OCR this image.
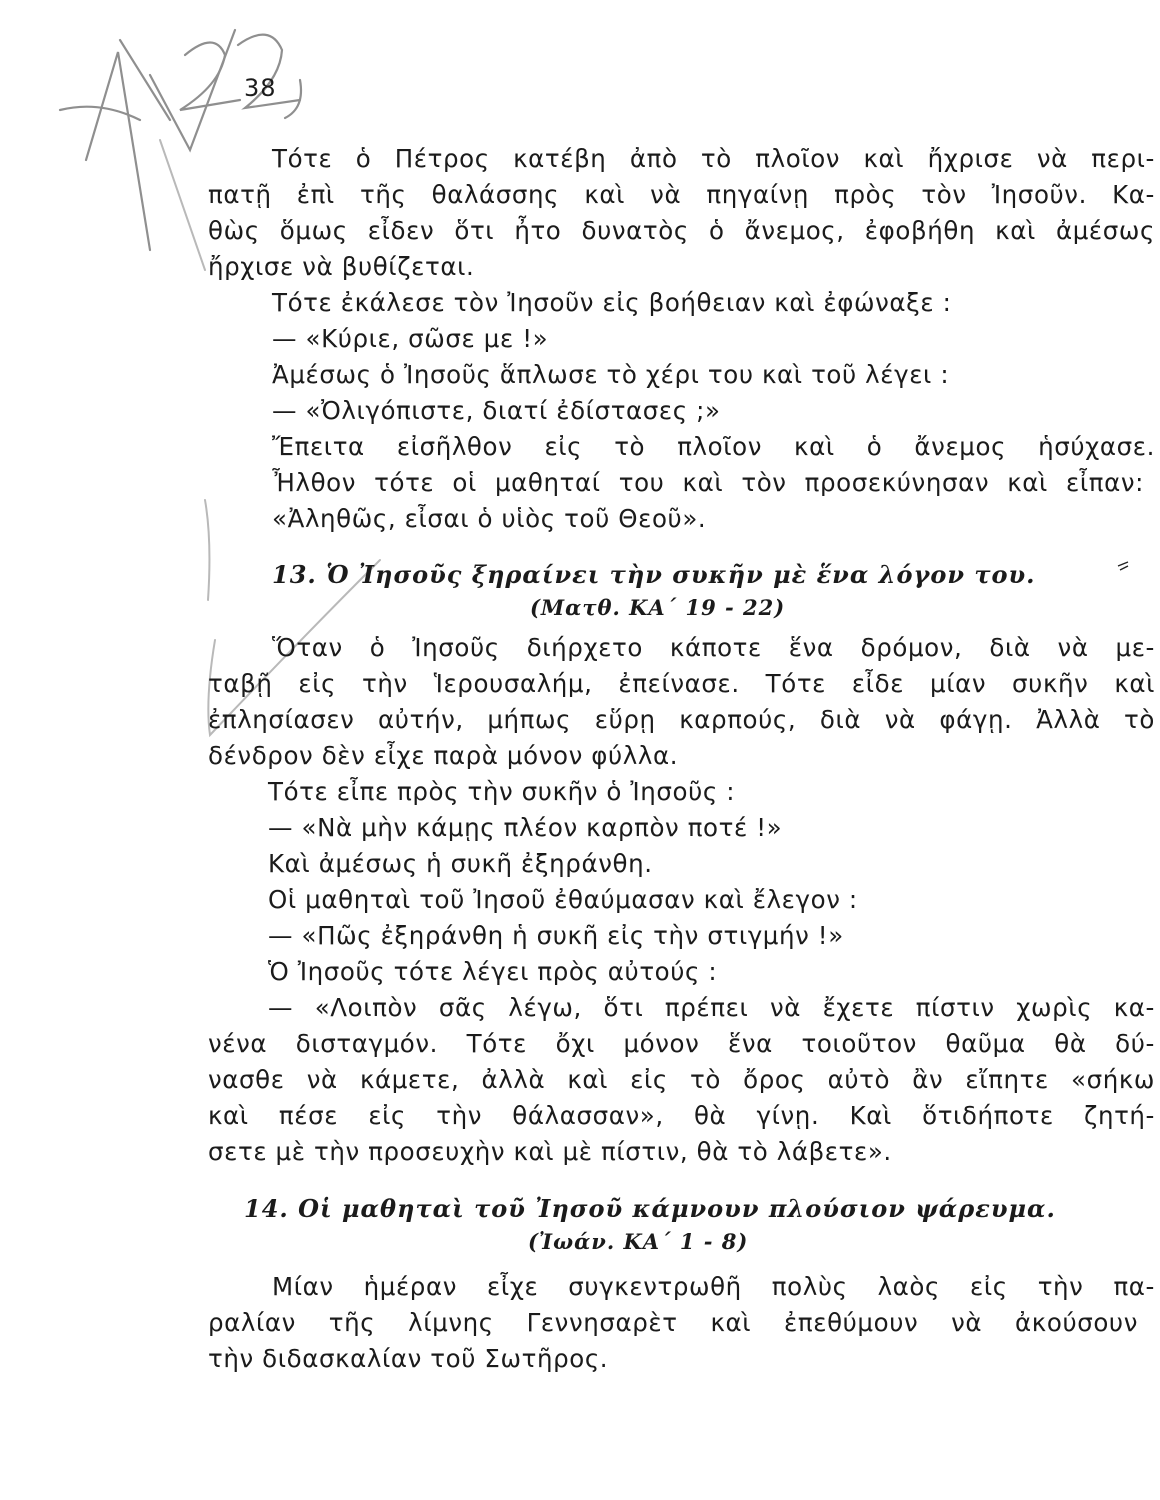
38
Τότε ὁ Πέτρος κατέβη ἀπὸ τὸ πλοῖον καὶ ἤχρισε νὰ περι-
πατῇ ἐπὶ τῆς θαλάσσης καὶ νὰ πηγαίνῃ πρὸς τὸν Ἰησοῦν. Κα-
θὼς ὅμως εἶδεν ὅτι ἦτο δυνατὸς ὁ ἄνεμος, ἐφοβήθη καὶ ἀμέσως
ἤρχισε νὰ βυθίζεται.
Τότε ἐκάλεσε τὸν Ἰησοῦν εἰς βοήθειαν καὶ ἐφώναξε :
— «Κύριε, σῶσε με !»
Ἀμέσως ὁ Ἰησοῦς ἅπλωσε τὸ χέρι του καὶ τοῦ λέγει :
— «Ὀλιγόπιστε, διατί ἐδίστασες ;»
Ἔπειτα εἰσῆλθον εἰς τὸ πλοῖον καὶ ὁ ἄνεμος ἡσύχασε.
Ἦλθον τότε οἱ μαθηταί του καὶ τὸν προσεκύνησαν καὶ εἶπαν:
«Ἀληθῶς, εἶσαι ὁ υἱὸς τοῦ Θεοῦ».
13. Ὁ Ἰησοῦς ξηραίνει τὴν συκῆν μὲ ἕνα λόγον του.
(Ματθ. ΚΑ΄ 19 - 22)
Ὅταν ὁ Ἰησοῦς διήρχετο κάποτε ἕνα δρόμον, διὰ νὰ με-
ταβῇ εἰς τὴν Ἱερουσαλήμ, ἐπείνασε. Τότε εἶδε μίαν συκῆν καὶ
ἐπλησίασεν αὐτήν, μήπως εὕρῃ καρπούς, διὰ νὰ φάγῃ. Ἀλλὰ τὸ
δένδρον δὲν εἶχε παρὰ μόνον φύλλα.
Τότε εἶπε πρὸς τὴν συκῆν ὁ Ἰησοῦς :
— «Νὰ μὴν κάμῃς πλέον καρπὸν ποτέ !»
Καὶ ἀμέσως ἡ συκῆ ἐξηράνθη.
Οἱ μαθηταὶ τοῦ Ἰησοῦ ἐθαύμασαν καὶ ἔλεγον :
— «Πῶς ἐξηράνθη ἡ συκῆ εἰς τὴν στιγμήν !»
Ὁ Ἰησοῦς τότε λέγει πρὸς αὐτούς :
— «Λοιπὸν σᾶς λέγω, ὅτι πρέπει νὰ ἔχετε πίστιν χωρὶς κα-
νένα δισταγμόν. Τότε ὄχι μόνον ἕνα τοιοῦτον θαῦμα θὰ δύ-
νασθε νὰ κάμετε, ἀλλὰ καὶ εἰς τὸ ὄρος αὐτὸ ἂν εἴπητε «σήκω
καὶ πέσε εἰς τὴν θάλασσαν», θὰ γίνῃ. Καὶ ὅτιδήποτε ζητή-
σετε μὲ τὴν προσευχὴν καὶ μὲ πίστιν, θὰ τὸ λάβετε».
14. Οἱ μαθηταὶ τοῦ Ἰησοῦ κάμνουν πλούσιον ψάρευμα.
(Ἰωάν. ΚΑ΄ 1 - 8)
Μίαν ἡμέραν εἶχε συγκεντρωθῆ πολὺς λαὸς εἰς τὴν πα-
ραλίαν τῆς λίμνης Γεννησαρὲτ καὶ ἐπεθύμουν νὰ ἀκούσουν
τὴν διδασκαλίαν τοῦ Σωτῆρος.
